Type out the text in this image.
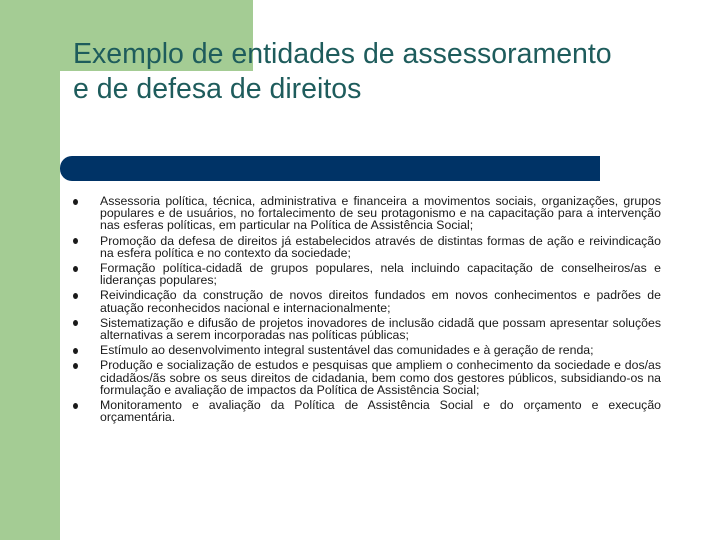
Exemplo de entidades de assessoramento e de defesa de direitos
Assessoria política, técnica, administrativa e financeira a movimentos sociais, organizações, grupos populares e de usuários, no fortalecimento de seu protagonismo e na capacitação para a intervenção nas esferas políticas, em particular na Política de Assistência Social;
Promoção da defesa de direitos já estabelecidos através de distintas formas de ação e reivindicação na esfera política e no contexto da sociedade;
Formação política-cidadã de grupos populares, nela incluindo capacitação de conselheiros/as e lideranças populares;
Reivindicação da construção de novos direitos fundados em novos conhecimentos e padrões de atuação reconhecidos nacional e internacionalmente;
Sistematização e difusão de projetos inovadores de inclusão cidadã que possam apresentar soluções alternativas a serem incorporadas nas políticas públicas;
Estímulo ao desenvolvimento integral sustentável das comunidades e à geração de renda;
Produção e socialização de estudos e pesquisas que ampliem o conhecimento da sociedade e dos/as cidadãos/ãs sobre os seus direitos de cidadania, bem como dos gestores públicos, subsidiando-os na formulação e avaliação de impactos da Política de Assistência Social;
Monitoramento e avaliação da Política de Assistência Social e do orçamento e execução orçamentária.
